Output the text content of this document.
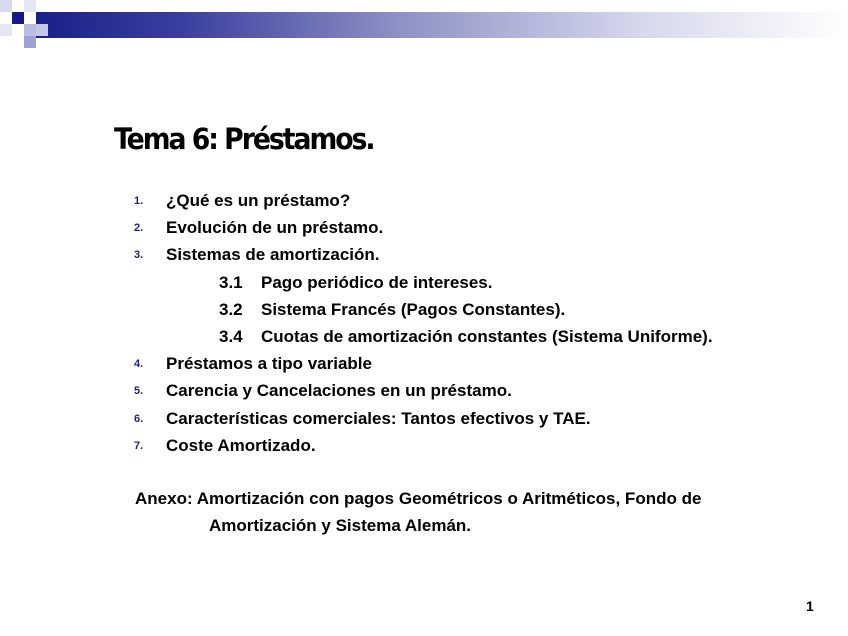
Tema 6: Préstamos.
1. ¿Qué es un préstamo?
2. Evolución de un préstamo.
3. Sistemas de amortización.
3.1 Pago periódico de intereses.
3.2 Sistema Francés (Pagos Constantes).
3.4 Cuotas de amortización constantes (Sistema Uniforme).
4. Préstamos a tipo variable
5. Carencia y Cancelaciones en un préstamo.
6. Características comerciales: Tantos efectivos y TAE.
7. Coste Amortizado.
Anexo: Amortización con pagos Geométricos o Aritméticos, Fondo de
Amortización y Sistema Alemán.
1
